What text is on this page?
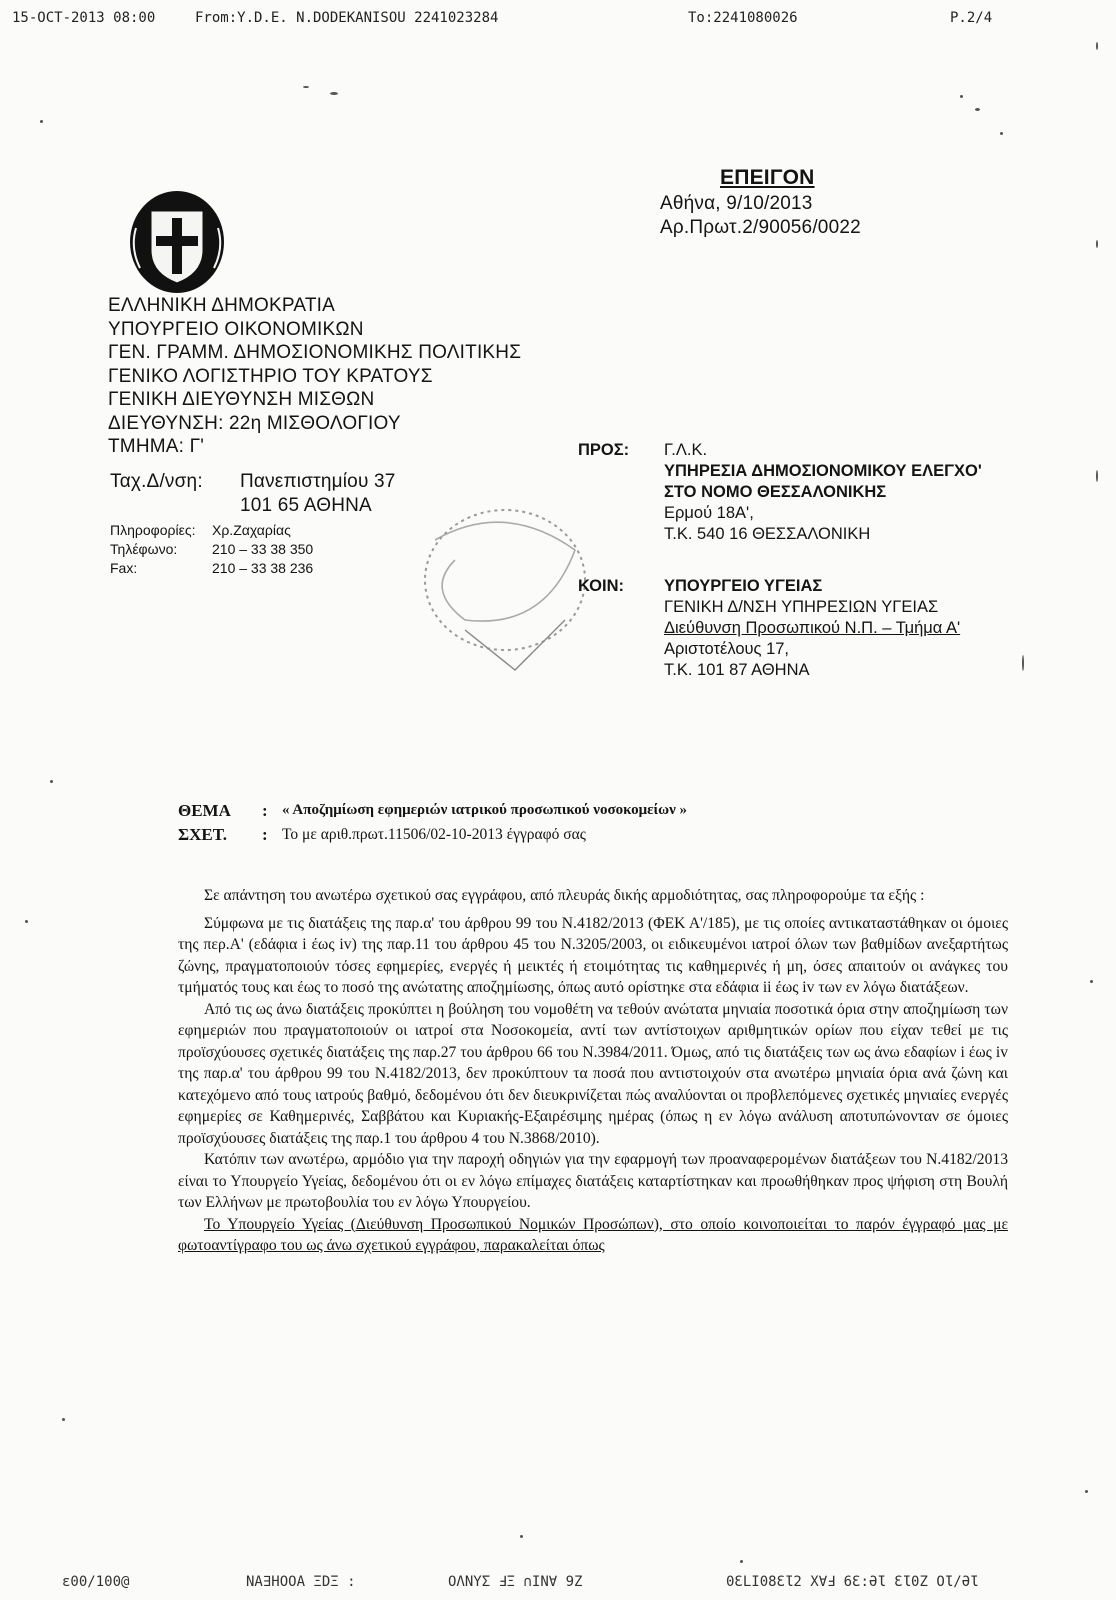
15-OCT-2013 08:00	From:Y.D.E. N.DODEKANISOU 2241023284	To:2241080026	P.2/4
ΕΠΕΙΓΟΝ
Αθήνα, 9/10/2013
Αρ.Πρωτ.2/90056/0022
ΕΛΛΗΝΙΚΗ ΔΗΜΟΚΡΑΤΙΑ
ΥΠΟΥΡΓΕΙΟ ΟΙΚΟΝΟΜΙΚΩΝ
ΓΕΝ. ΓΡΑΜΜ. ΔΗΜΟΣΙΟΝΟΜΙΚΗΣ ΠΟΛΙΤΙΚΗΣ
ΓΕΝΙΚΟ ΛΟΓΙΣΤΗΡΙΟ ΤΟΥ ΚΡΑΤΟΥΣ
ΓΕΝΙΚΗ ΔΙΕΥΘΥΝΣΗ ΜΙΣΘΩΝ
ΔΙΕΥΘΥΝΣΗ: 22η ΜΙΣΘΟΛΟΓΙΟΥ
ΤΜΗΜΑ: Γ'
Ταχ.Δ/νση: Πανεπιστημίου 37
101 65 ΑΘΗΝΑ
Πληροφορίες: Χρ.Ζαχαρίας
Τηλέφωνο: 210 – 33 38 350
Fax:	210 – 33 38 236
ΠΡΟΣ: Γ.Λ.Κ.
ΥΠΗΡΕΣΙΑ ΔΗΜΟΣΙΟΝΟΜΙΚΟΥ ΕΛΕΓΧΟ'
ΣΤΟ ΝΟΜΟ ΘΕΣΣΑΛΟΝΙΚΗΣ
Ερμού 18Α',
Τ.Κ. 540 16 ΘΕΣΣΑΛΟΝΙΚΗ
ΚΟΙΝ: ΥΠΟΥΡΓΕΙΟ ΥΓΕΙΑΣ
ΓΕΝΙΚΗ Δ/ΝΣΗ ΥΠΗΡΕΣΙΩΝ ΥΓΕΙΑΣ
Διεύθυνση Προσωπικού Ν.Π. – Τμήμα Α'
Αριστοτέλους 17,
Τ.Κ. 101 87 ΑΘΗΝΑ
ΘΕΜΑ : « Αποζημίωση εφημεριών ιατρικού προσωπικού νοσοκομείων »
ΣΧΕΤ. : Το με αριθ.πρωτ.11506/02-10-2013 έγγραφό σας

Σε απάντηση του ανωτέρω σχετικού σας εγγράφου, από πλευράς δικής αρμοδιότητας, σας πληροφορούμε τα εξής :

Σύμφωνα με τις διατάξεις της παρ.α' του άρθρου 99 του Ν.4182/2013 (ΦΕΚ Α'/185), με τις οποίες αντικαταστάθηκαν οι όμοιες της περ.Α' (εδάφια i έως iv) της παρ.11 του άρθρου 45 του Ν.3205/2003, οι ειδικευμένοι ιατροί όλων των βαθμίδων ανεξαρτήτως ζώνης, πραγματοποιούν τόσες εφημερίες, ενεργές ή μεικτές ή ετοιμότητας τις καθημερινές ή μη, όσες απαιτούν οι ανάγκες του τμήματός τους και έως το ποσό της ανώτατης αποζημίωσης, όπως αυτό ορίστηκε στα εδάφια ii έως iv των εν λόγω διατάξεων.

Από τις ως άνω διατάξεις προκύπτει η βούληση του νομοθέτη να τεθούν ανώτατα μηνιαία ποσοτικά όρια στην αποζημίωση των εφημεριών που πραγματοποιούν οι ιατροί στα Νοσοκομεία, αντί των αντίστοιχων αριθμητικών ορίων που είχαν τεθεί με τις προϊσχύουσες σχετικές διατάξεις της παρ.27 του άρθρου 66 του Ν.3984/2011. Όμως, από τις διατάξεις των ως άνω εδαφίων i έως iv της παρ.α' του άρθρου 99 του Ν.4182/2013, δεν προκύπτουν τα ποσά που αντιστοιχούν στα ανωτέρω μηνιαία όρια ανά ζώνη και κατεχόμενο από τους ιατρούς βαθμό, δεδομένου ότι δεν διευκρινίζεται πώς αναλύονται οι προβλεπόμενες σχετικές μηνιαίες ενεργές εφημερίες σε Καθημερινές, Σαββάτου και Κυριακής-Εξαιρέσιμης ημέρας (όπως η εν λόγω ανάλυση αποτυπώνονταν σε όμοιες προϊσχύουσες διατάξεις της παρ.1 του άρθρου 4 του Ν.3868/2010).

Κατόπιν των ανωτέρω, αρμόδιο για την παροχή οδηγιών για την εφαρμογή των προαναφερομένων διατάξεων του Ν.4182/2013 είναι το Υπουργείο Υγείας, δεδομένου ότι οι εν λόγω επίμαχες διατάξεις καταρτίστηκαν και προωθήθηκαν προς ψήφιση στη Βουλή των Ελλήνων με πρωτοβουλία του εν λόγω Υπουργείου.

Το Υπουργείο Υγείας (Διεύθυνση Προσωπικού Νομικών Προσώπων), στο οποίο κοινοποιείται το παρόν έγγραφό μας με φωτοαντίγραφο του ως άνω σχετικού εγγράφου, παρακαλείται όπως

ɛ00/100@	NA∃HOOA ΞDΞ :	OΛNYΣ ℲΞ ∩IN∀ 9Z	0ƐLI08ƐƖ2 X∀Ⅎ 6Ɛ:ƏƖ ƐƖ0Z OƖ/ƏƖ
